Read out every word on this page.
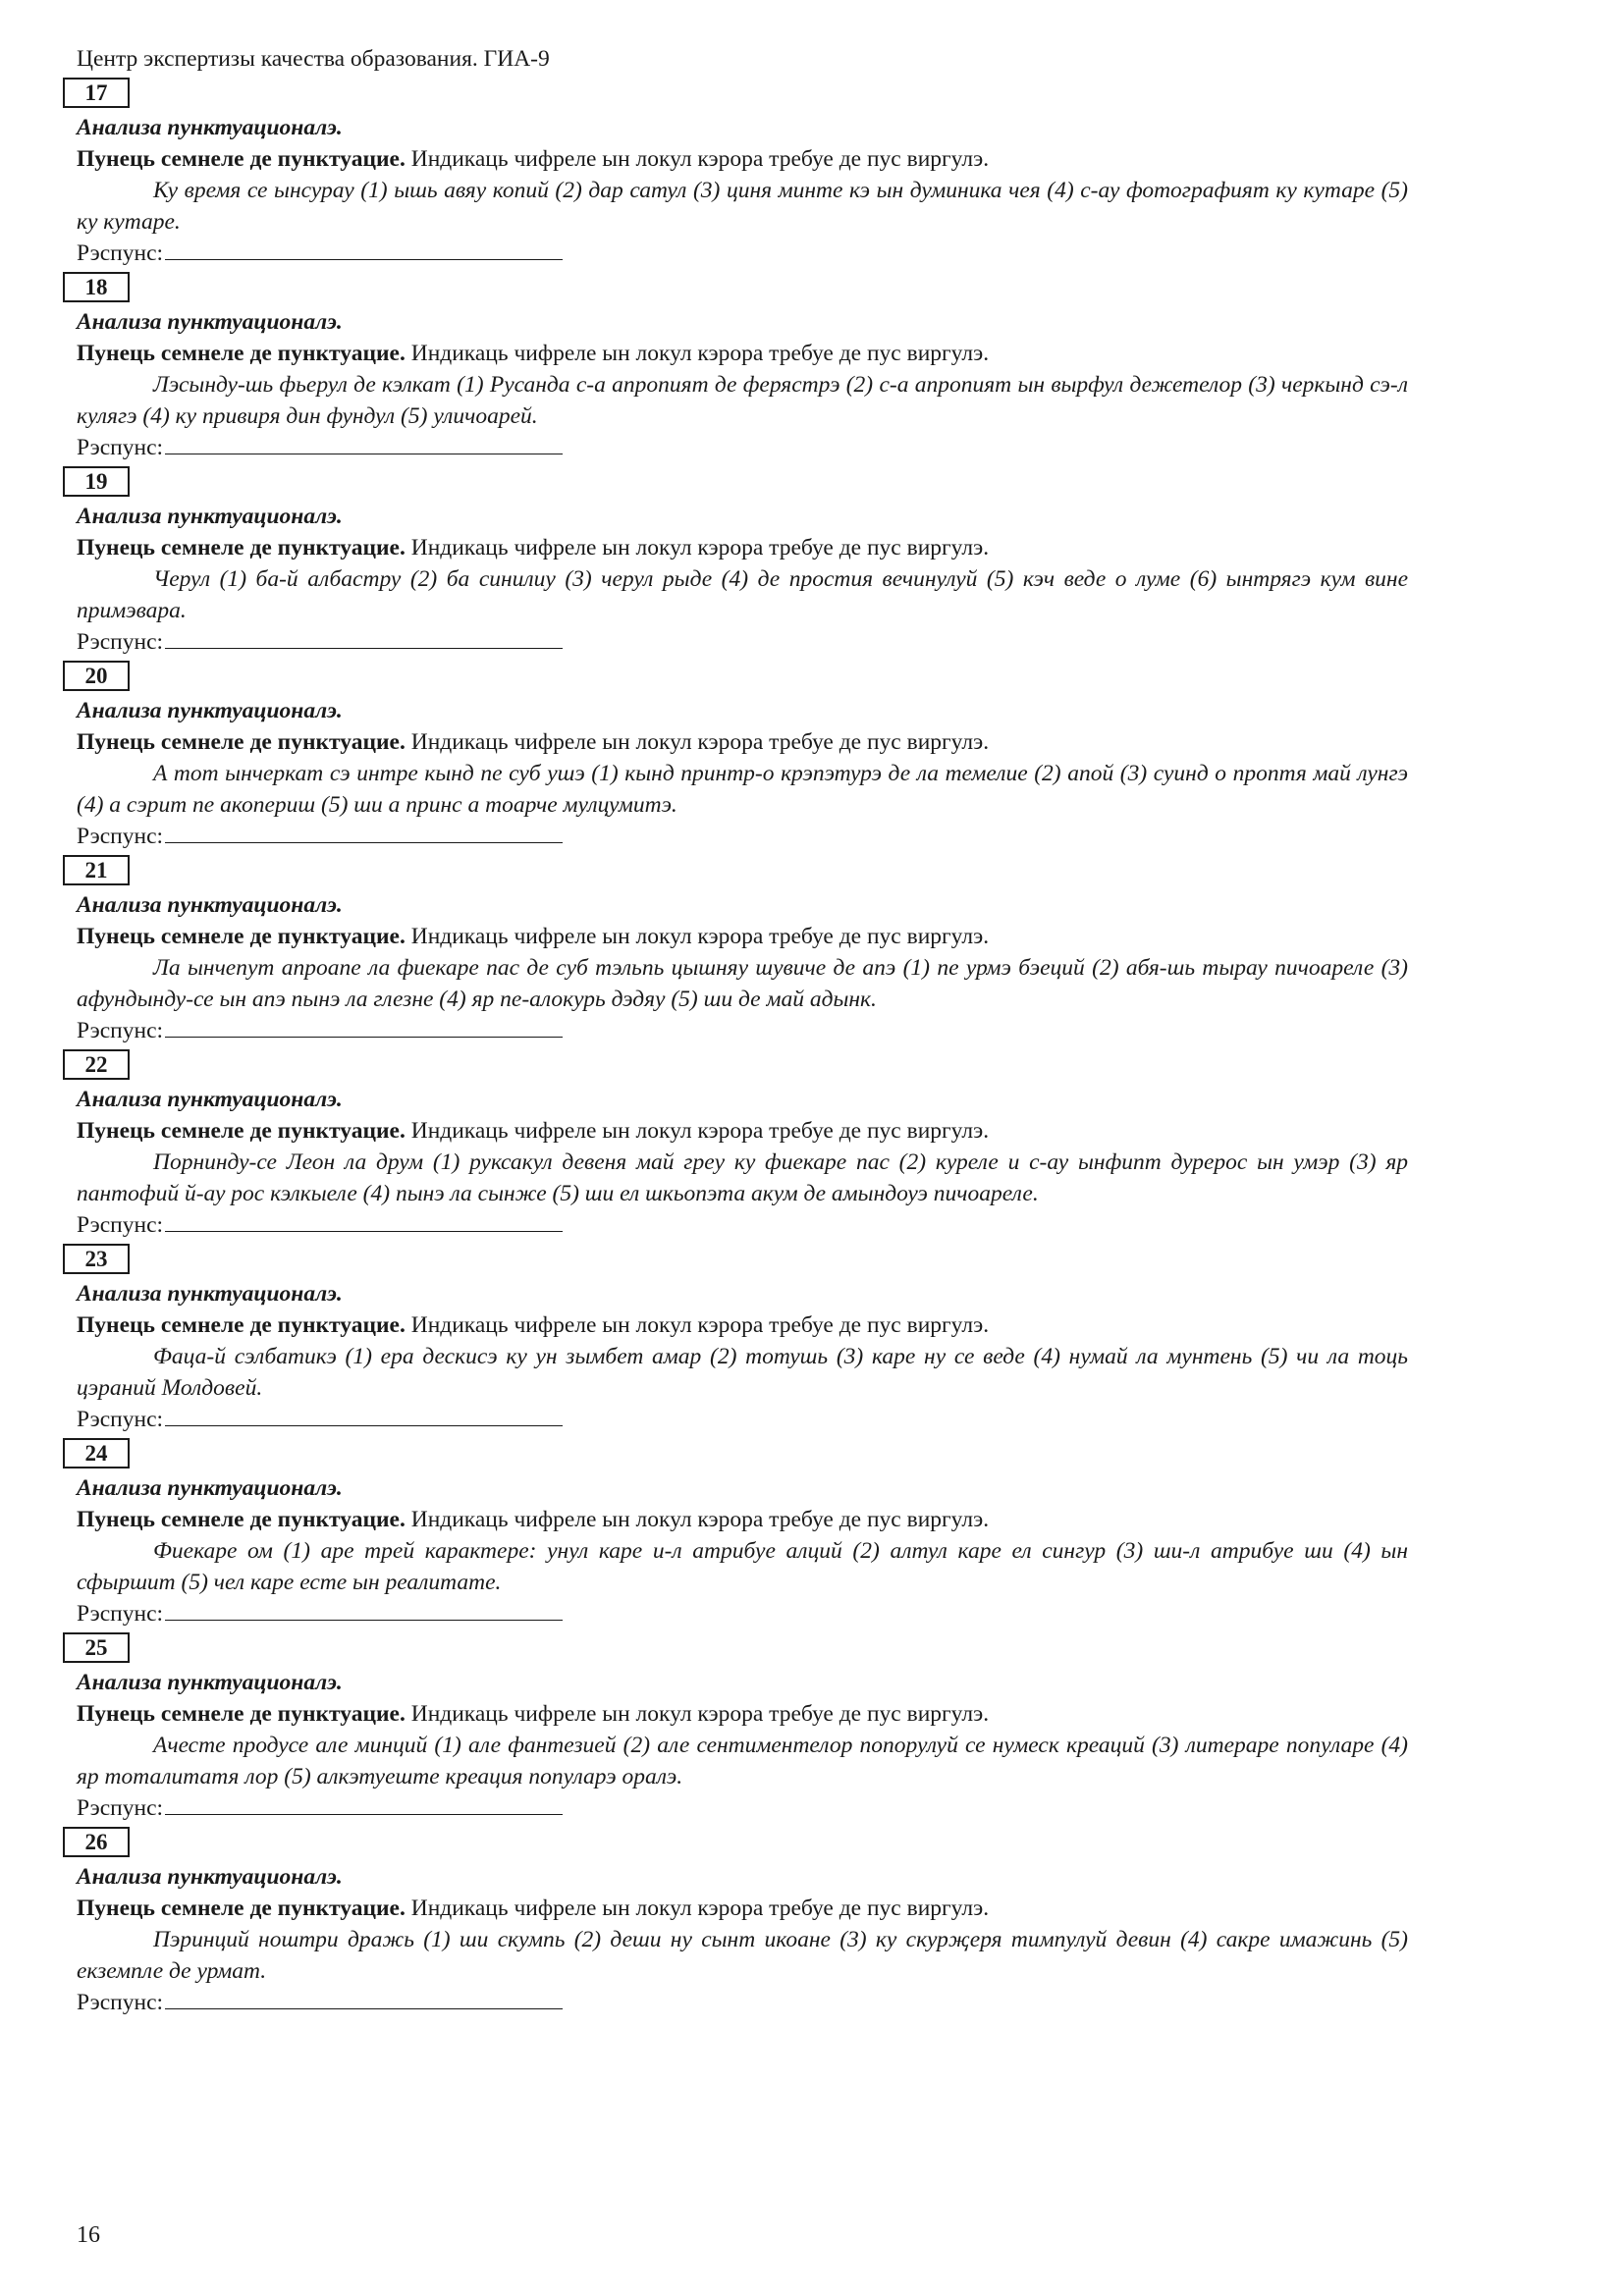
Центр экспертизы качества образования. ГИА-9
17
Анализа пунктуационалэ.
Пунець семнеле де пунктуацие. Индикаць чифреле ын локул кэрора требуе де пус виргулэ.
Ку время се ынсурау (1) ышь авяу копий (2) дар сатул (3) циня минте кэ ын думиника чея (4) с-ау фотографият ку кутаре (5) ку кутаре.
Рэспунс:
18
Анализа пунктуационалэ.
Пунець семнеле де пунктуацие. Индикаць чифреле ын локул кэрора требуе де пус виргулэ.
Лэсынду-шь фьерул де кэлкат (1) Русанда с-а апропият де ферястрэ (2) с-а апропият ын вырфул дежетелор (3) черкынд сэ-л кулягэ (4) ку привиря дин фундул (5) уличоарей.
Рэспунс:
19
Анализа пунктуационалэ.
Пунець семнеле де пунктуацие. Индикаць чифреле ын локул кэрора требуе де пус виргулэ.
Черул (1) ба-й албастру (2) ба синилиу (3) черул рыде (4) де простия вечинулуй (5) кэч веде о луме (6) ынтрягэ кум вине примэвара.
Рэспунс:
20
Анализа пунктуационалэ.
Пунець семнеле де пунктуацие. Индикаць чифреле ын локул кэрора требуе де пус виргулэ.
А тот ынчеркат сэ интре кынд пе суб ушэ (1) кынд принтр-о крэпэтурэ де ла темелие (2) апой (3) суинд о проптя май лунгэ (4) а сэрит пе акопериш (5) ши а принс а тоарче мулцумитэ.
Рэспунс:
21
Анализа пунктуационалэ.
Пунець семнеле де пунктуацие. Индикаць чифреле ын локул кэрора требуе де пус виргулэ.
Ла ынчепут апроапе ла фиекаре пас де суб тэльпь цышняу шувиче де апэ (1) пе урмэ бэеций (2) абя-шь тырау пичоареле (3) афундынду-се ын апэ пынэ ла глезне (4) яр пе-алокурь дэдяу (5) ши де май адынк.
Рэспунс:
22
Анализа пунктуационалэ.
Пунець семнеле де пунктуацие. Индикаць чифреле ын локул кэрора требуе де пус виргулэ.
Порнинду-се Леон ла друм (1) руксакул девеня май греу ку фиекаре пас (2) куреле и с-ау ынфипт дурерос ын умэр (3) яр пантофий й-ау рос кэлкыеле (4) пынэ ла сынже (5) ши ел шкьопэта акум де амындоуэ пичоареле.
Рэспунс:
23
Анализа пунктуационалэ.
Пунець семнеле де пунктуацие. Индикаць чифреле ын локул кэрора требуе де пус виргулэ.
Фаца-й сэлбатикэ (1) ера дескисэ ку ун зымбет амар (2) тотушь (3) каре ну се веде (4) нумай ла мунтень (5) чи ла тоць цэраний Молдовей.
Рэспунс:
24
Анализа пунктуационалэ.
Пунець семнеле де пунктуацие. Индикаць чифреле ын локул кэрора требуе де пус виргулэ.
Фиекаре ом (1) аре трей карактере: унул каре и-л атрибуе алций (2) алтул каре ел сингур (3) ши-л атрибуе ши (4) ын сфыршит (5) чел каре есте ын реалитате.
Рэспунс:
25
Анализа пунктуационалэ.
Пунець семнеле де пунктуацие. Индикаць чифреле ын локул кэрора требуе де пус виргулэ.
Ачесте продусе але минций (1) але фантезией (2) але сентиментелор попорулуй се нумеск креаций (3) литераре популаре (4) яр тоталитатя лор (5) алкэтуеште креация популарэ оралэ.
Рэспунс:
26
Анализа пунктуационалэ.
Пунець семнеле де пунктуацие. Индикаць чифреле ын локул кэрора требуе де пус виргулэ.
Пэринций ноштри дражь (1) ши скумпь (2) деши ну сынт икоане (3) ку скурҗеря тимпулуй девин (4) сакре имажинь (5) екземпле де урмат.
Рэспунс:
16
